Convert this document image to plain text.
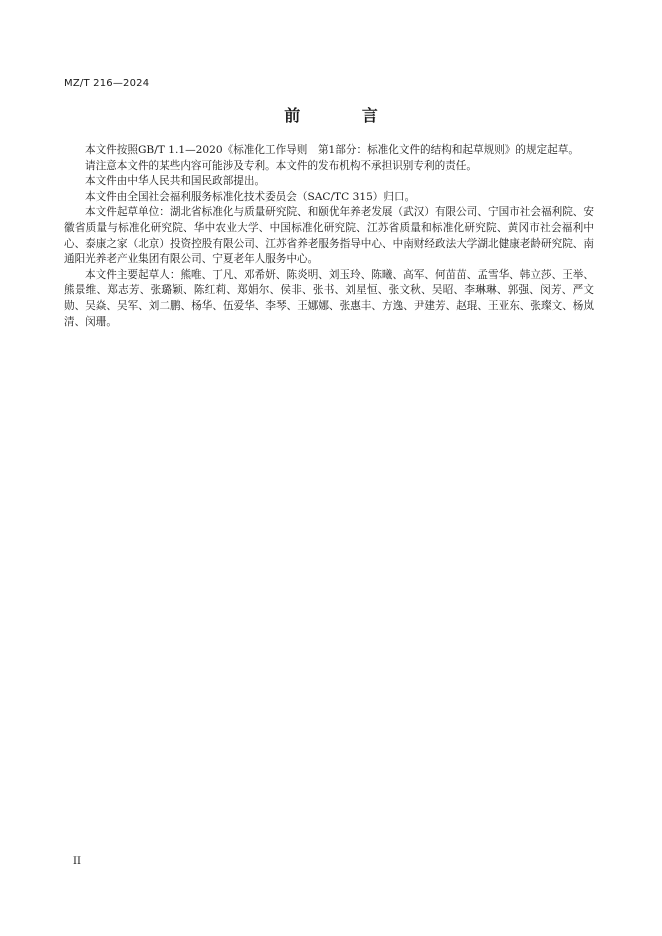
MZ/T 216—2024
前 言

本文件按照GB/T 1.1—2020《标准化工作导则　第1部分：标准化文件的结构和起草规则》的规定起草。

请注意本文件的某些内容可能涉及专利。本文件的发布机构不承担识别专利的责任。

本文件由中华人民共和国民政部提出。

本文件由全国社会福利服务标准化技术委员会（SAC/TC 315）归口。

本文件起草单位：湖北省标准化与质量研究院、和颐优年养老发展（武汉）有限公司、宁国市社会福利院、安徽省质量与标准化研究院、华中农业大学、中国标准化研究院、江苏省质量和标准化研究院、黄冈市社会福利中心、泰康之家（北京）投资控股有限公司、江苏省养老服务指导中心、中南财经政法大学湖北健康老龄研究院、南通阳光养老产业集团有限公司、宁夏老年人服务中心。

本文件主要起草人：熊唯、丁凡、邓希妍、陈炎明、刘玉玲、陈曦、高军、何苗苗、孟雪华、韩立莎、王举、熊景维、郑志芳、张璐颖、陈红莉、郑娟尔、侯非、张书、刘星恒、张文秋、吴昭、李琳琳、郭强、闵芳、严文勋、吴焱、吴军、刘二鹏、杨华、伍爱华、李琴、王娜娜、张惠丰、方逸、尹建芳、赵琨、王亚东、张璨文、杨岚清、闵珊。

II
